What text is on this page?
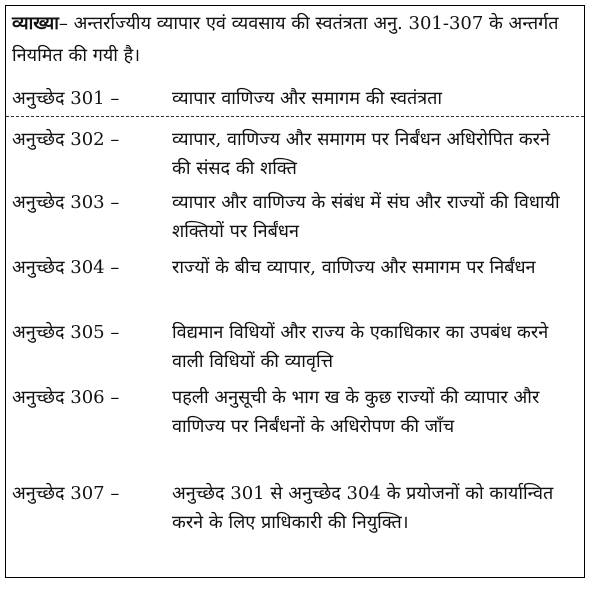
व्याख्या– अन्तर्राज्यीय व्यापार एवं व्यवसाय की स्वतंत्रता अनु. 301-307 के अन्तर्गत नियमित की गयी है।
अनुच्छेद 301 –	व्यापार वाणिज्य और समागम की स्वतंत्रता
अनुच्छेद 302 –	व्यापार, वाणिज्य और समागम पर निर्बंधन अधिरोपित करने की संसद की शक्ति
अनुच्छेद 303 –	व्यापार और वाणिज्य के संबंध में संघ और राज्यों की विधायी शक्तियों पर निर्बंधन
अनुच्छेद 304 –	राज्यों के बीच व्यापार, वाणिज्य और समागम पर निर्बंधन
अनुच्छेद 305 –	विद्यमान विधियों और राज्य के एकाधिकार का उपबंध करने वाली विधियों की व्यावृत्ति
अनुच्छेद 306 –	पहली अनुसूची के भाग ख के कुछ राज्यों की व्यापार और वाणिज्य पर निर्बंधनों के अधिरोपण की जाँच
अनुच्छेद 307 –	अनुच्छेद 301 से अनुच्छेद 304 के प्रयोजनों को कार्यान्वित करने के लिए प्राधिकारी की नियुक्ति।
